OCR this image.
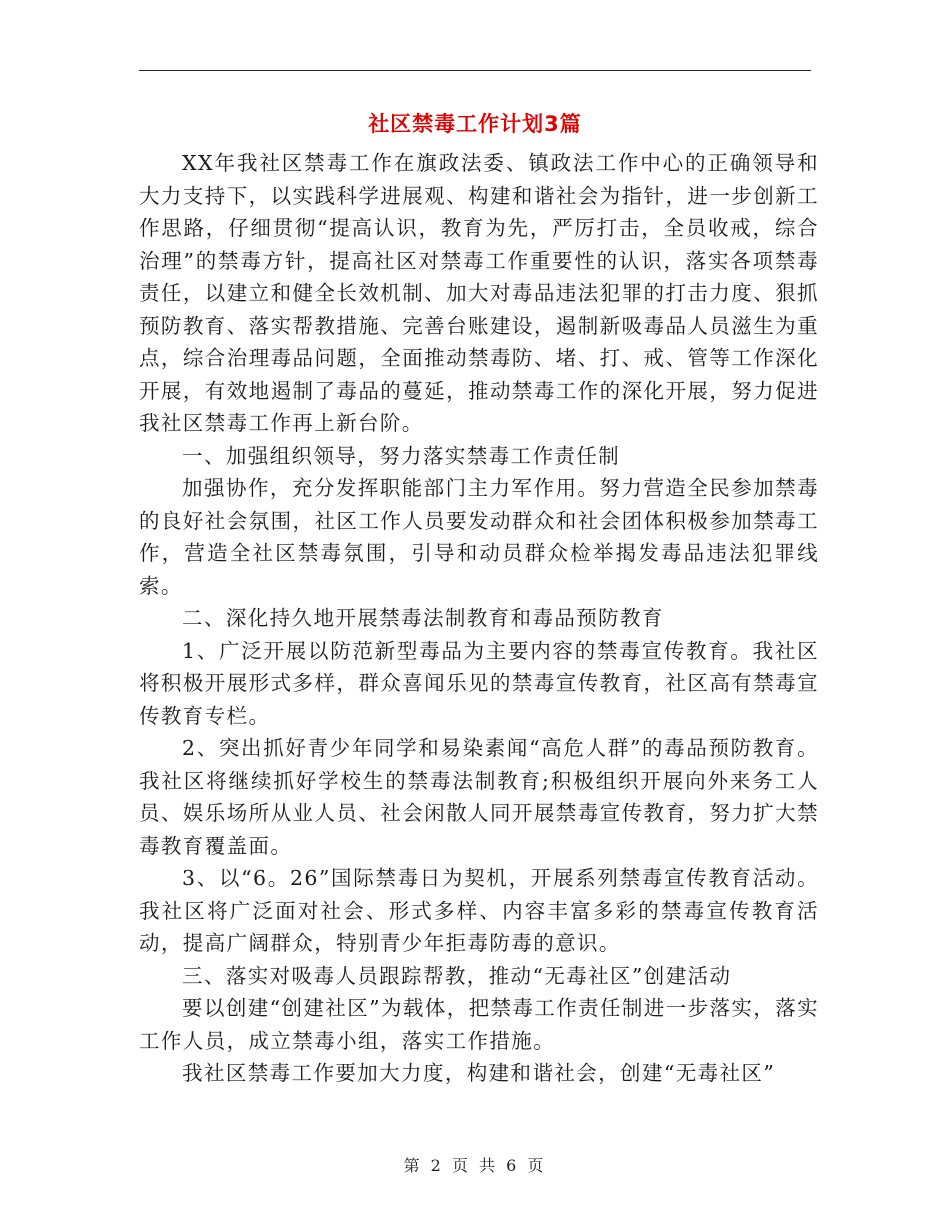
社区禁毒工作计划3篇

XX年我社区禁毒工作在旗政法委、镇政法工作中心的正确领导和大力支持下，以实践科学进展观、构建和谐社会为指针，进一步创新工作思路，仔细贯彻“提高认识，教育为先，严厉打击，全员收戒，综合治理”的禁毒方针，提高社区对禁毒工作重要性的认识，落实各项禁毒责任，以建立和健全长效机制、加大对毒品违法犯罪的打击力度、狠抓预防教育、落实帮教措施、完善台账建设，遏制新吸毒品人员滋生为重点，综合治理毒品问题，全面推动禁毒防、堵、打、戒、管等工作深化开展，有效地遏制了毒品的蔓延，推动禁毒工作的深化开展，努力促进我社区禁毒工作再上新台阶。

一、加强组织领导，努力落实禁毒工作责任制

加强协作，充分发挥职能部门主力军作用。努力营造全民参加禁毒的良好社会氛围，社区工作人员要发动群众和社会团体积极参加禁毒工作，营造全社区禁毒氛围，引导和动员群众检举揭发毒品违法犯罪线索。

二、深化持久地开展禁毒法制教育和毒品预防教育

1、广泛开展以防范新型毒品为主要内容的禁毒宣传教育。我社区将积极开展形式多样，群众喜闻乐见的禁毒宣传教育，社区高有禁毒宣传教育专栏。

2、突出抓好青少年同学和易染素闻“高危人群”的毒品预防教育。我社区将继续抓好学校生的禁毒法制教育;积极组织开展向外来务工人员、娱乐场所从业人员、社会闲散人同开展禁毒宣传教育，努力扩大禁毒教育覆盖面。

3、以“6。26”国际禁毒日为契机，开展系列禁毒宣传教育活动。我社区将广泛面对社会、形式多样、内容丰富多彩的禁毒宣传教育活动，提高广阔群众，特别青少年拒毒防毒的意识。

三、落实对吸毒人员跟踪帮教，推动“无毒社区”创建活动

要以创建“创建社区”为载体，把禁毒工作责任制进一步落实，落实工作人员，成立禁毒小组，落实工作措施。

我社区禁毒工作要加大力度，构建和谐社会，创建“无毒社区”

第 2 页 共 6 页
